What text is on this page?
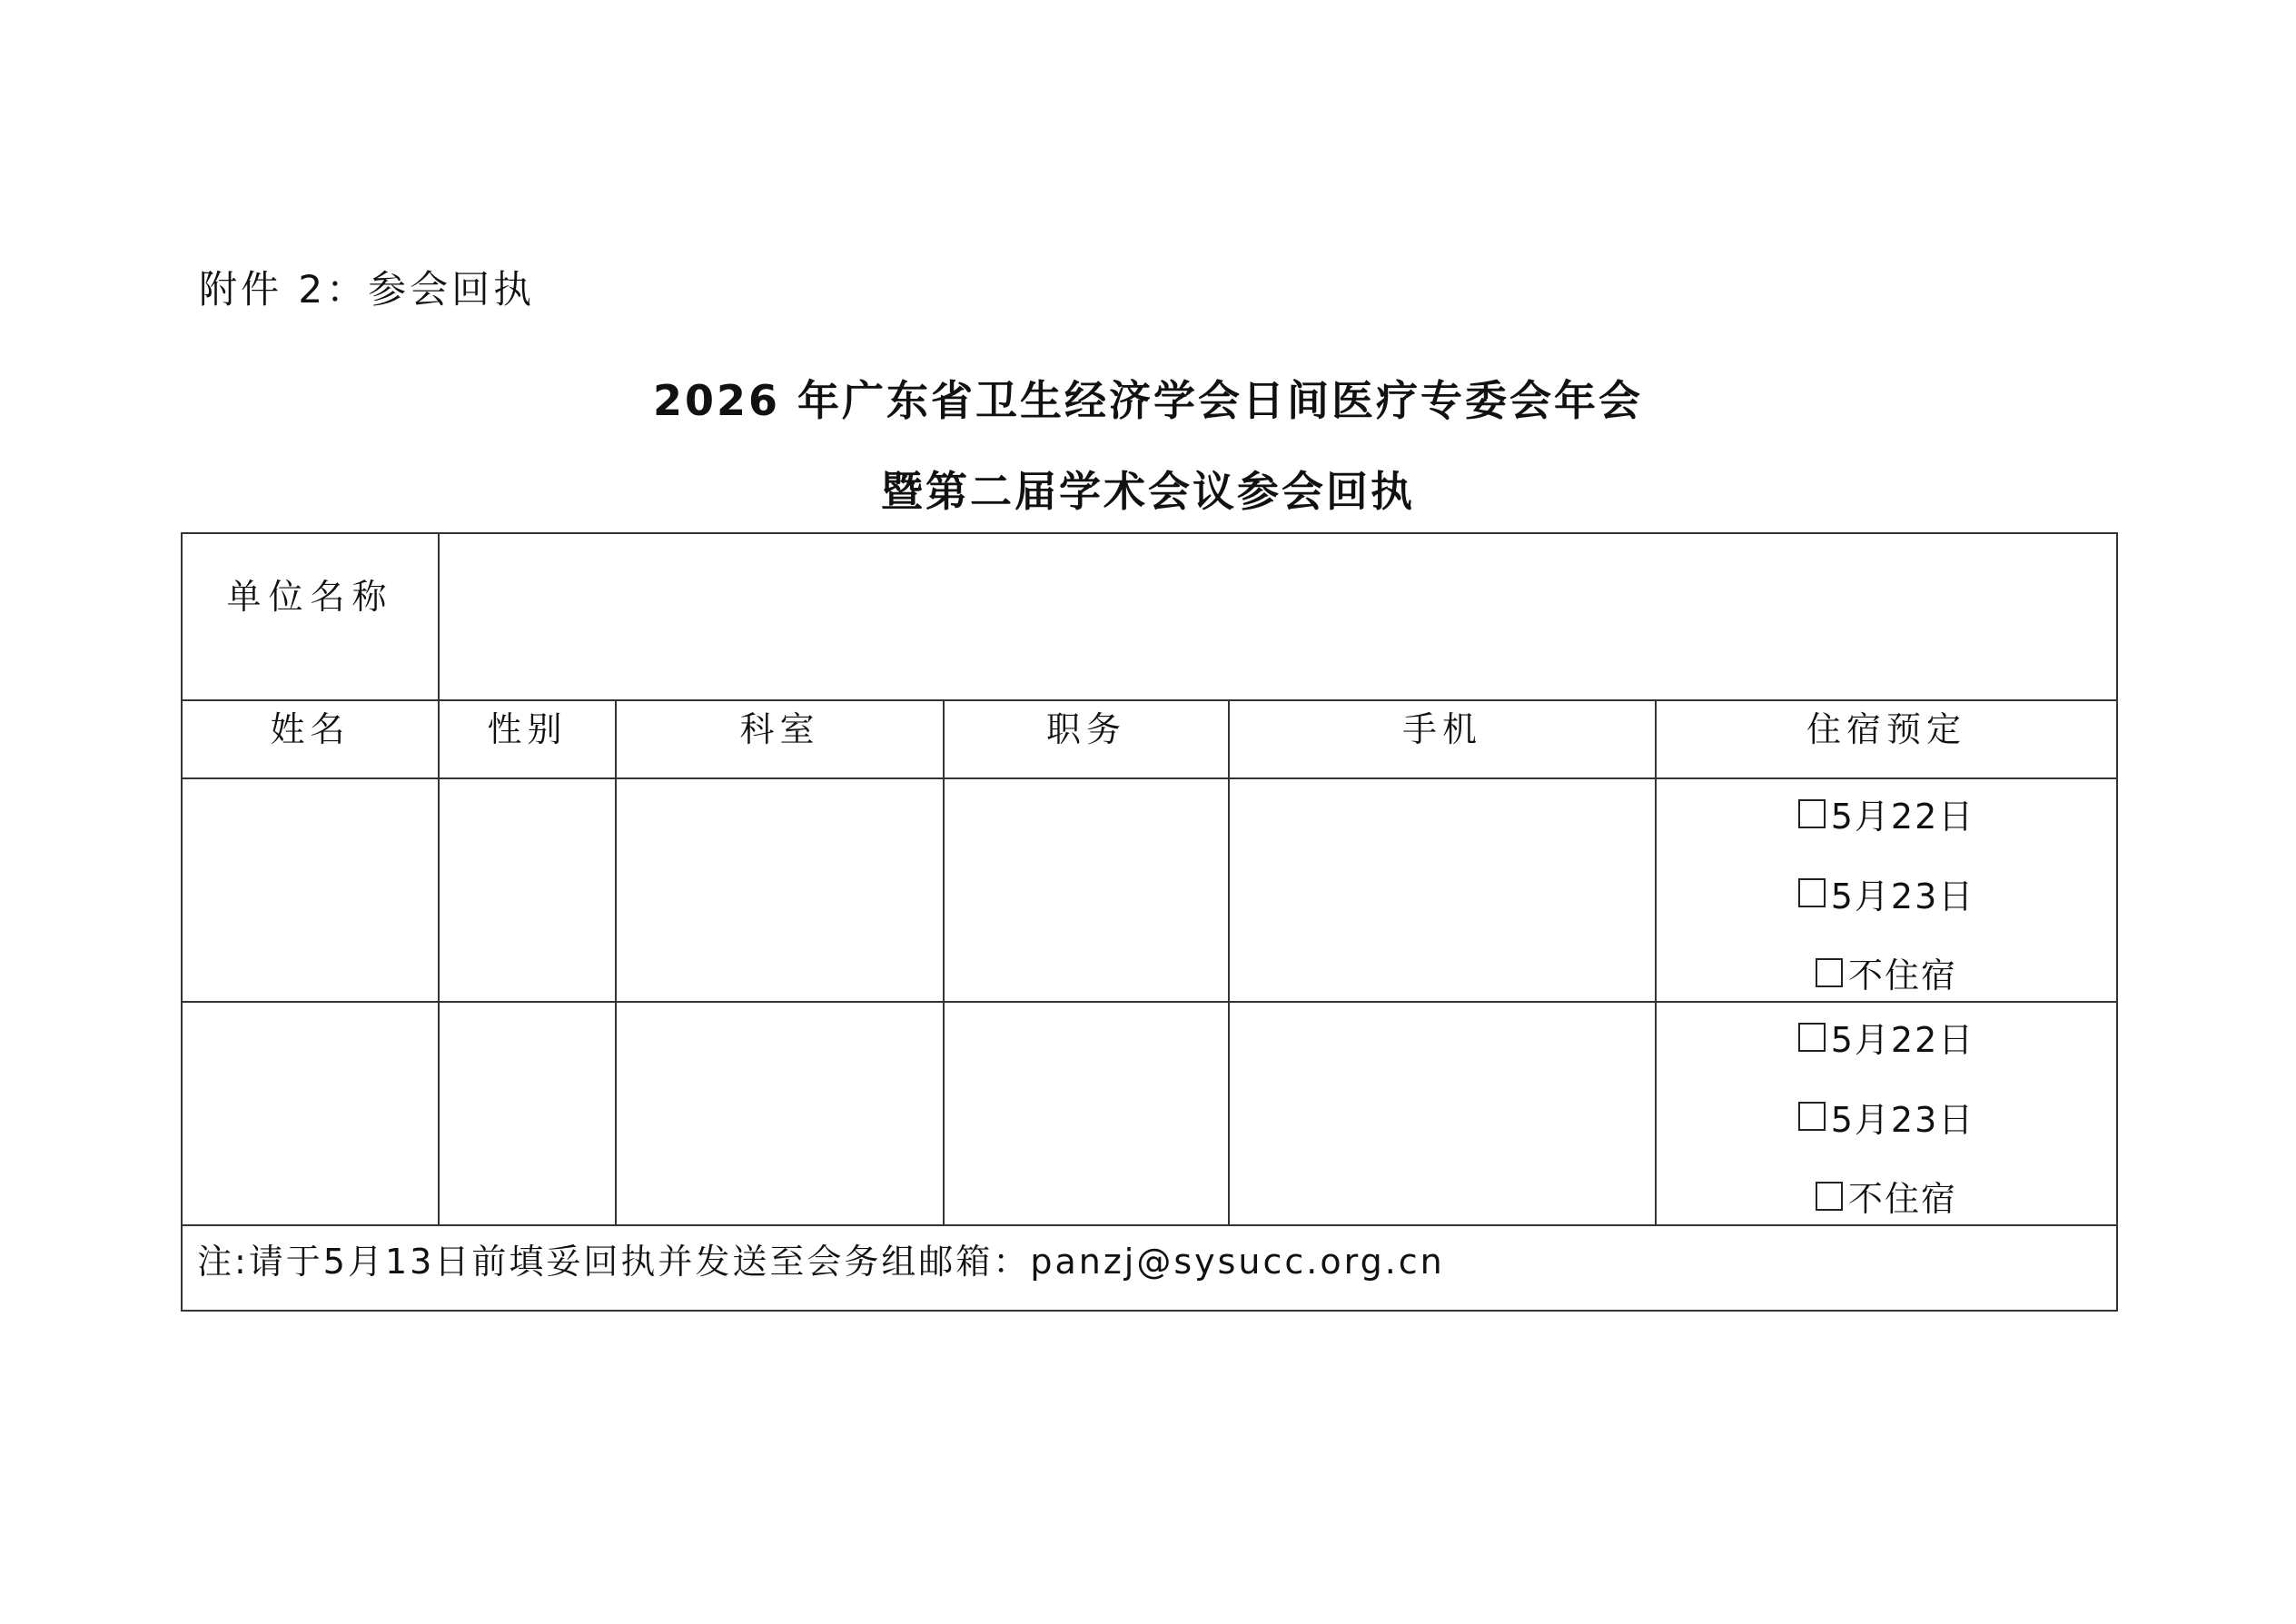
附件 2：参会回执
2026 年广东省卫生经济学会日间医疗专委会年会
暨第二届学术会议参会回执
单位名称					
姓名	性别	科室	职务	手机	住宿预定

					5月22日
5月23日
不住宿

					5月22日
5月23日
不住宿

注:请于5月13日前填妥回执并发送至会务组邮箱：panzj@sysucc.org.cn					
